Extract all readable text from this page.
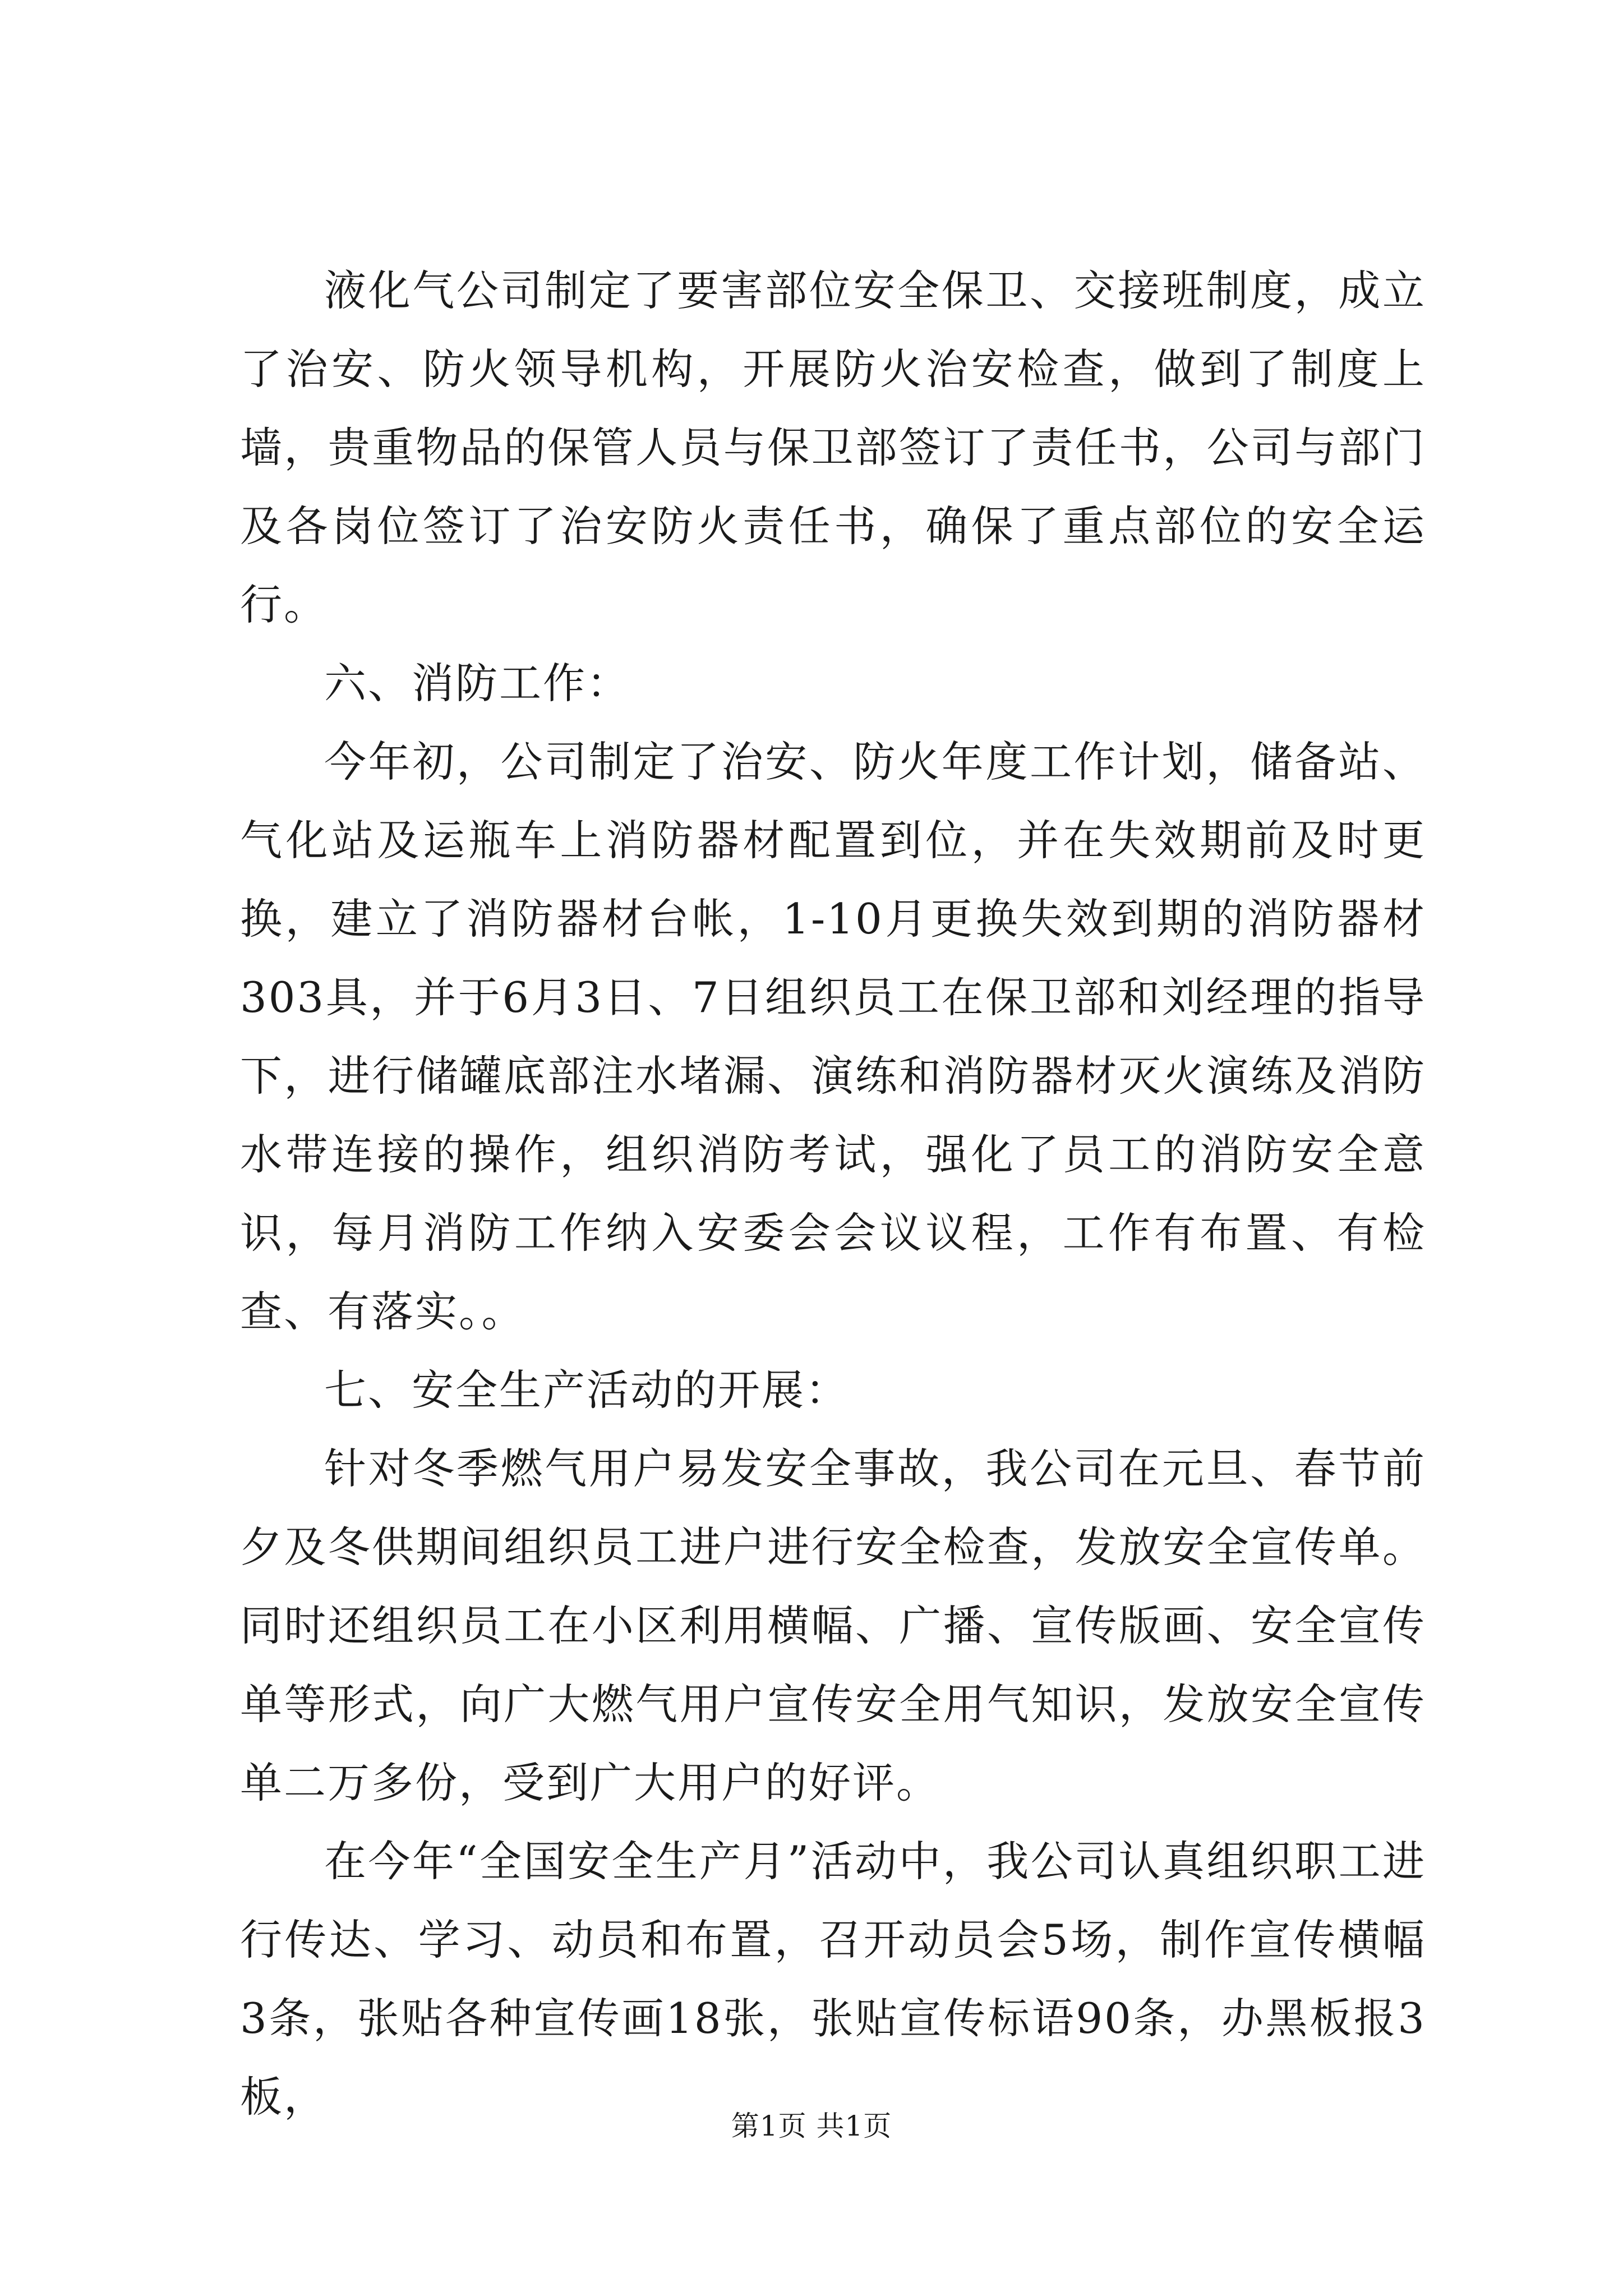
液化气公司制定了要害部位安全保卫、交接班制度，成立了治安、防火领导机构，开展防火治安检查，做到了制度上墙，贵重物品的保管人员与保卫部签订了责任书，公司与部门及各岗位签订了治安防火责任书，确保了重点部位的安全运行。

六、消防工作：

今年初，公司制定了治安、防火年度工作计划，储备站、气化站及运瓶车上消防器材配置到位，并在失效期前及时更换，建立了消防器材台帐，1-10月更换失效到期的消防器材303具，并于6月3日、7日组织员工在保卫部和刘经理的指导下，进行储罐底部注水堵漏、演练和消防器材灭火演练及消防水带连接的操作，组织消防考试，强化了员工的消防安全意识，每月消防工作纳入安委会会议议程，工作有布置、有检查、有落实。。

七、安全生产活动的开展：

针对冬季燃气用户易发安全事故，我公司在元旦、春节前夕及冬供期间组织员工进户进行安全检查，发放安全宣传单。同时还组织员工在小区利用横幅、广播、宣传版画、安全宣传单等形式，向广大燃气用户宣传安全用气知识，发放安全宣传单二万多份，受到广大用户的好评。

在今年“全国安全生产月”活动中，我公司认真组织职工进行传达、学习、动员和布置，召开动员会5场，制作宣传横幅3条，张贴各种宣传画18张，张贴宣传标语90条，办黑板报3板，

第1页 共1页
